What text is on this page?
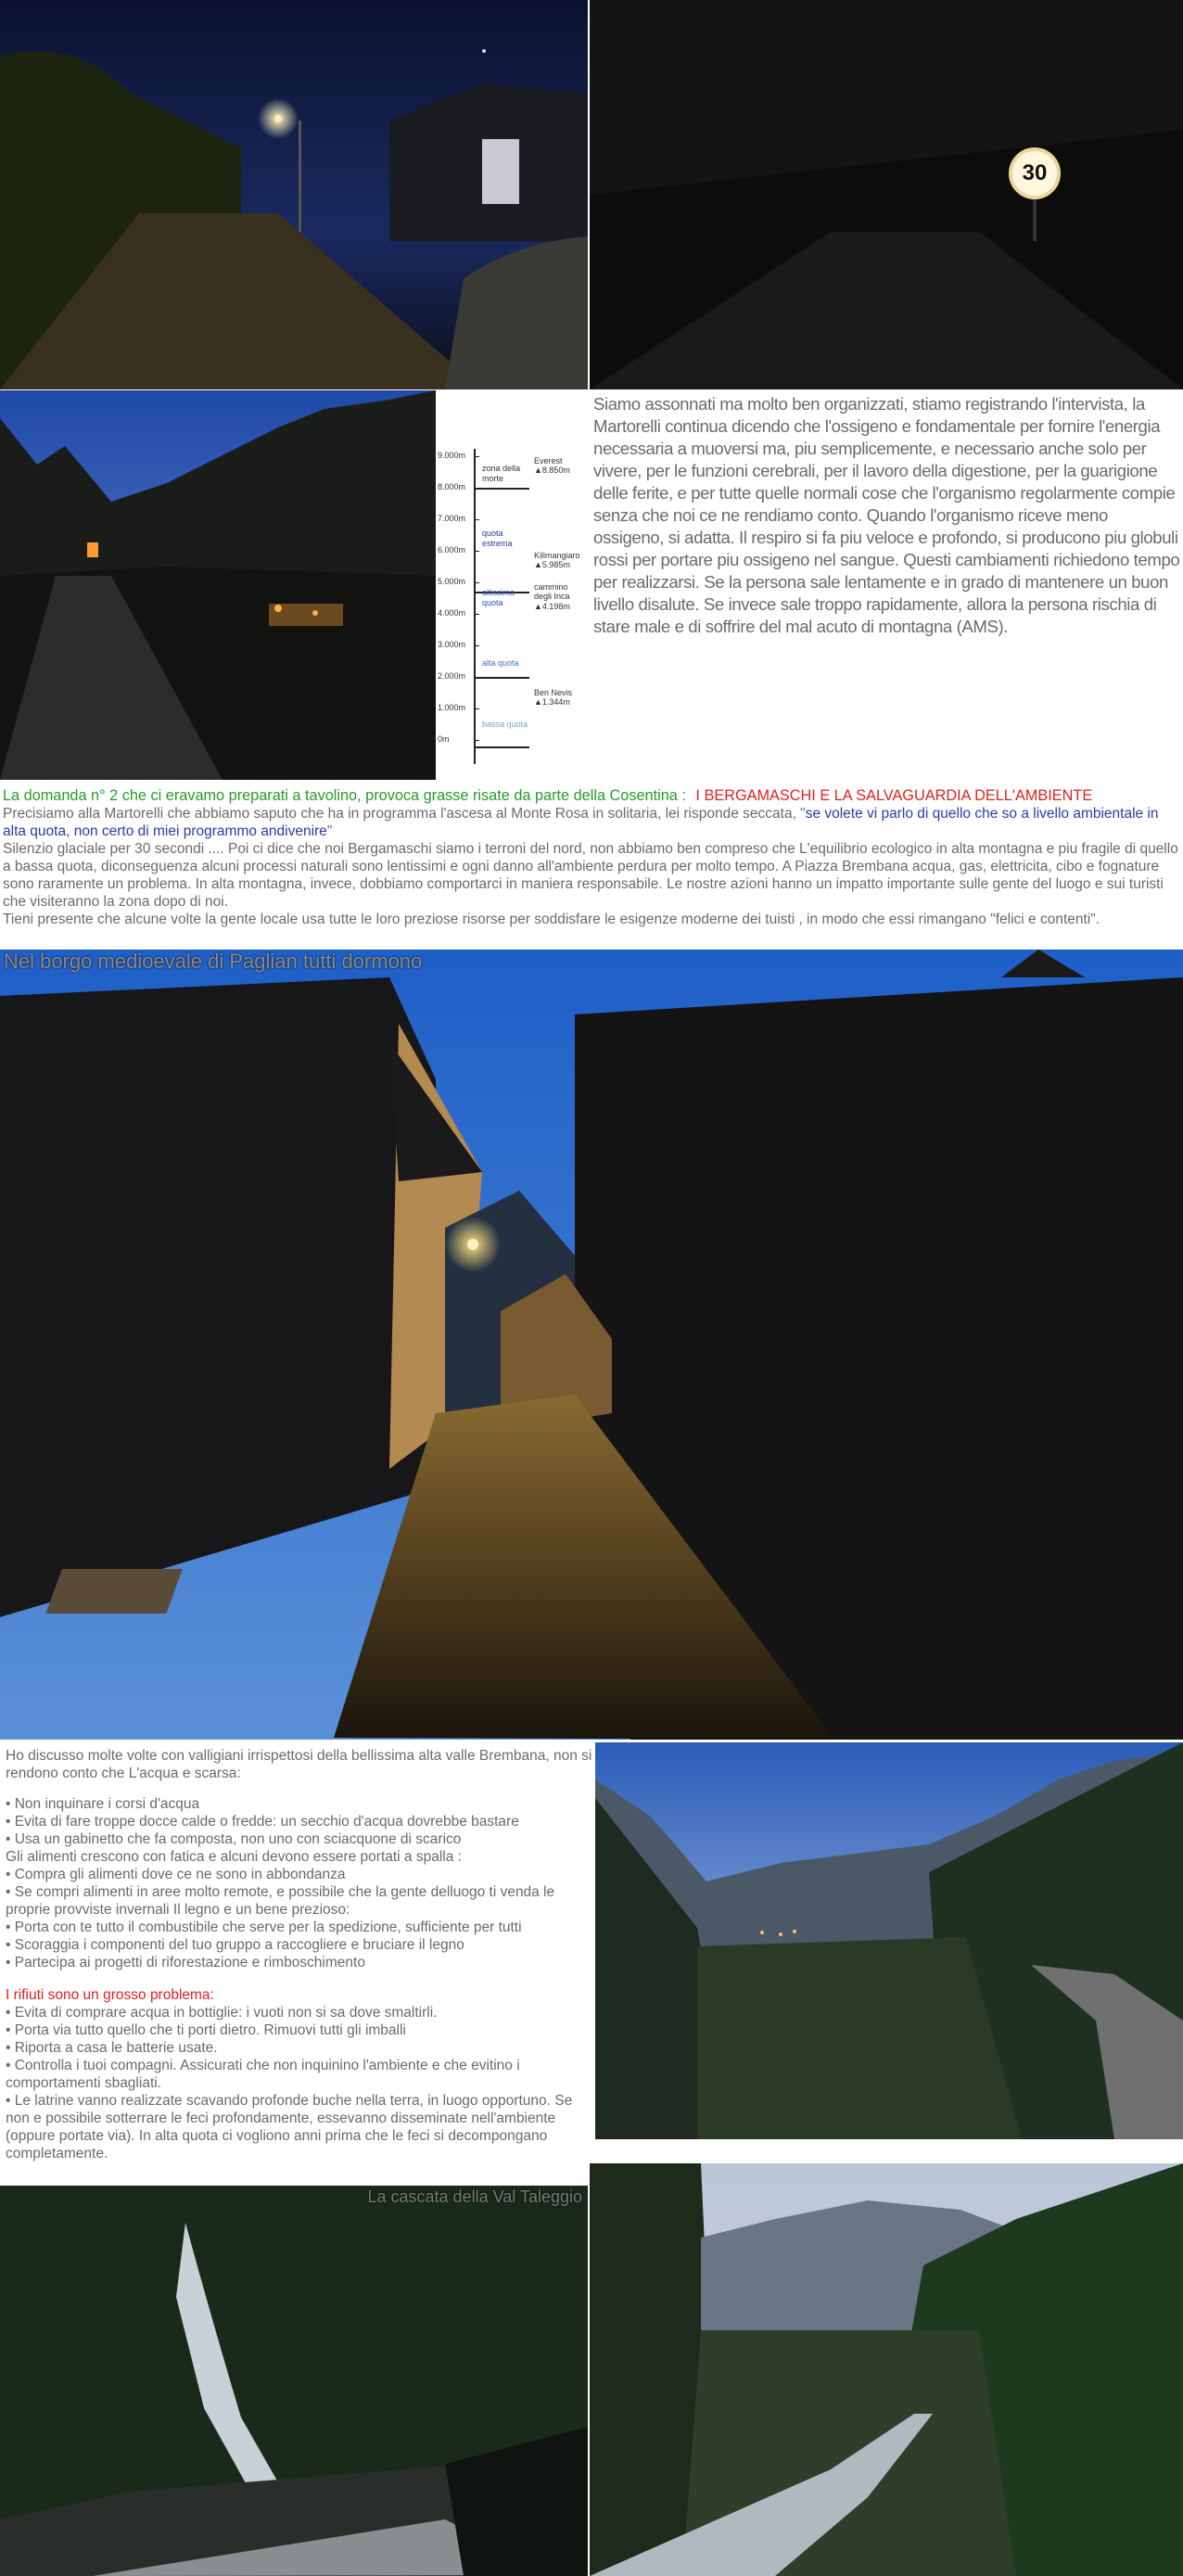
30
9.000m
8.000m
7.000m
6.000m
5.000m
4.000m
3.000m
2.000m
1.000m
0m
zona della morte
quota estrema
altissima quota
alta quota
bassa quota
Everest ▲8.850m
Kilimangiaro ▲5.985m
cammino degli Inca ▲4.198m
Ben Nevis ▲1.344m

Siamo assonnati ma molto ben organizzati, stiamo registrando l'intervista, la Martorelli continua dicendo che l'ossigeno e fondamentale per fornire l'energia necessaria a muoversi ma, piu semplicemente, e necessario anche solo per vivere, per le funzioni cerebrali, per il lavoro della digestione, per la guarigione delle ferite, e per tutte quelle normali cose che l'organismo regolarmente compie senza che noi ce ne rendiamo conto. Quando l'organismo riceve meno ossigeno, si adatta. Il respiro si fa piu veloce e profondo, si producono piu globuli rossi per portare piu ossigeno nel sangue. Questi cambiamenti richiedono tempo per realizzarsi. Se la persona sale lentamente e in grado di mantenere un buon livello disalute. Se invece sale troppo rapidamente, allora la persona rischia di stare male e di soffrire del mal acuto di montagna (AMS).

La domanda n° 2 che ci eravamo preparati a tavolino, provoca grasse risate da parte della Cosentina : I BERGAMASCHI E LA SALVAGUARDIA DELL'AMBIENTE

Precisiamo alla Martorelli che abbiamo saputo che ha in programma l'ascesa al Monte Rosa in solitaria, lei risponde seccata, "se volete vi parlo di quello che so a livello ambientale in alta quota, non certo di miei programmo andivenire"

Silenzio glaciale per 30 secondi .... Poi ci dice che noi Bergamaschi siamo i terroni del nord, non abbiamo ben compreso che L'equilibrio ecologico in alta montagna e piu fragile di quello a bassa quota, diconseguenza alcuni processi naturali sono lentissimi e ogni danno all'ambiente perdura per molto tempo. A Piazza Brembana acqua, gas, elettricita, cibo e fognature sono raramente un problema. In alta montagna, invece, dobbiamo comportarci in maniera responsabile. Le nostre azioni hanno un impatto importante sulle gente del luogo e sui turisti che visiteranno la zona dopo di noi.

Tieni presente che alcune volte la gente locale usa tutte le loro preziose risorse per soddisfare le esigenze moderne dei tuisti , in modo che essi rimangano "felici e contenti".

Nel borgo medioevale di Paglian tutti dormono

Ho discusso molte volte con valligiani irrispettosi della bellissima alta valle Brembana, non si rendono conto che L'acqua e scarsa:

• Non inquinare i corsi d'acqua

• Evita di fare troppe docce calde o fredde: un secchio d'acqua dovrebbe bastare

• Usa un gabinetto che fa composta, non uno con sciacquone di scarico

Gli alimenti crescono con fatica e alcuni devono essere portati a spalla :

• Compra gli alimenti dove ce ne sono in abbondanza

• Se compri alimenti in aree molto remote, e possibile che la gente delluogo ti venda le proprie provviste invernali Il legno e un bene prezioso:

• Porta con te tutto il combustibile che serve per la spedizione, sufficiente per tutti

• Scoraggia i componenti del tuo gruppo a raccogliere e bruciare il legno

• Partecipa ai progetti di riforestazione e rimboschimento

I rifiuti sono un grosso problema:

• Evita di comprare acqua in bottiglie: i vuoti non si sa dove smaltirli.

• Porta via tutto quello che ti porti dietro. Rimuovi tutti gli imballi

• Riporta a casa le batterie usate.

• Controlla i tuoi compagni. Assicurati che non inquinino l'ambiente e che evitino i comportamenti sbagliati.

• Le latrine vanno realizzate scavando profonde buche nella terra, in luogo opportuno. Se non e possibile sotterrare le feci profondamente, essevanno disseminate nell'ambiente (oppure portate via). In alta quota ci vogliono anni prima che le feci si decompongano completamente.

La cascata della Val Taleggio
